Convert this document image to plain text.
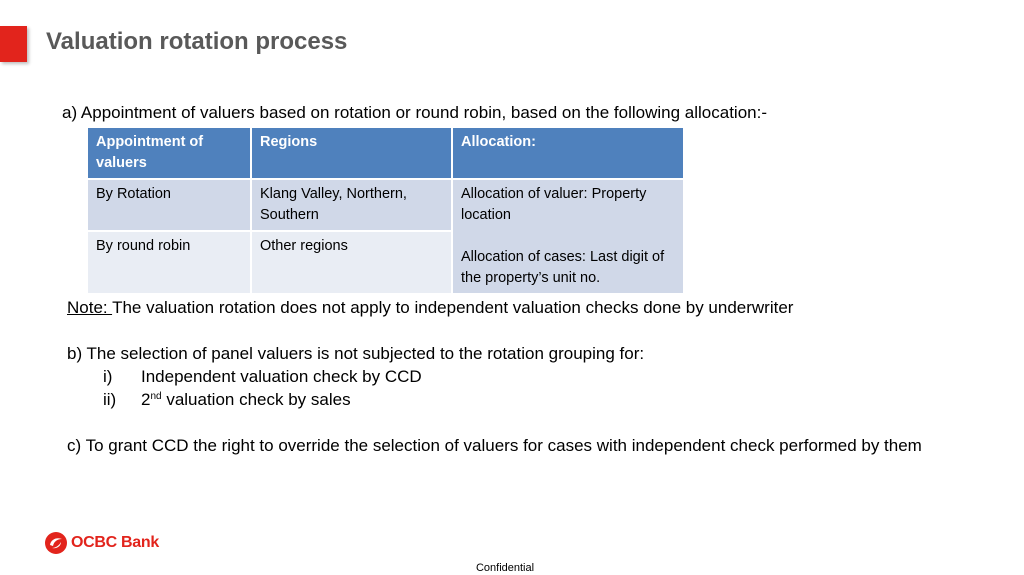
Valuation rotation process
a) Appointment of valuers based on rotation or round robin, based on the following allocation:-
Appointment of valuers	Regions	Allocation:
By Rotation	Klang Valley, Northern, Southern	Allocation of valuer: Property location
Allocation of cases: Last digit of the property’s unit no.

By round robin	Other regions	

Note: The valuation rotation does not apply to independent valuation checks done by underwriter

b) The selection of panel valuers is not subjected to the rotation grouping for:

i)	Independent valuation check by CCD
ii)	2nd valuation check by sales

c) To grant CCD the right to override the selection of valuers for cases with independent check performed by them

OCBC Bank
Confidential
